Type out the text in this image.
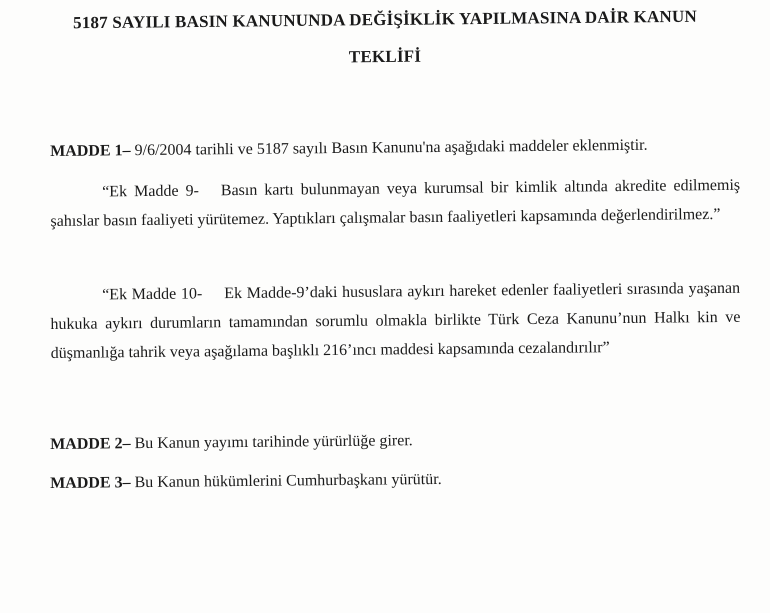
5187 SAYILI BASIN KANUNUNDA DEĞİŞİKLİK YAPILMASINA DAİR KANUN
TEKLİFİ
MADDE 1– 9/6/2004 tarihli ve 5187 sayılı Basın Kanunu'na aşağıdaki maddeler eklenmiştir.
“Ek Madde 9- Basın kartı bulunmayan veya kurumsal bir kimlik altında akredite edilmemiş şahıslar basın faaliyeti yürütemez. Yaptıkları çalışmalar basın faaliyetleri kapsamında değerlendirilmez.”
“Ek Madde 10- Ek Madde-9’daki hususlara aykırı hareket edenler faaliyetleri sırasında yaşanan hukuka aykırı durumların tamamından sorumlu olmakla birlikte Türk Ceza Kanunu’nun Halkı kin ve düşmanlığa tahrik veya aşağılama başlıklı 216’ıncı maddesi kapsamında cezalandırılır”
MADDE 2– Bu Kanun yayımı tarihinde yürürlüğe girer.
MADDE 3– Bu Kanun hükümlerini Cumhurbaşkanı yürütür.
